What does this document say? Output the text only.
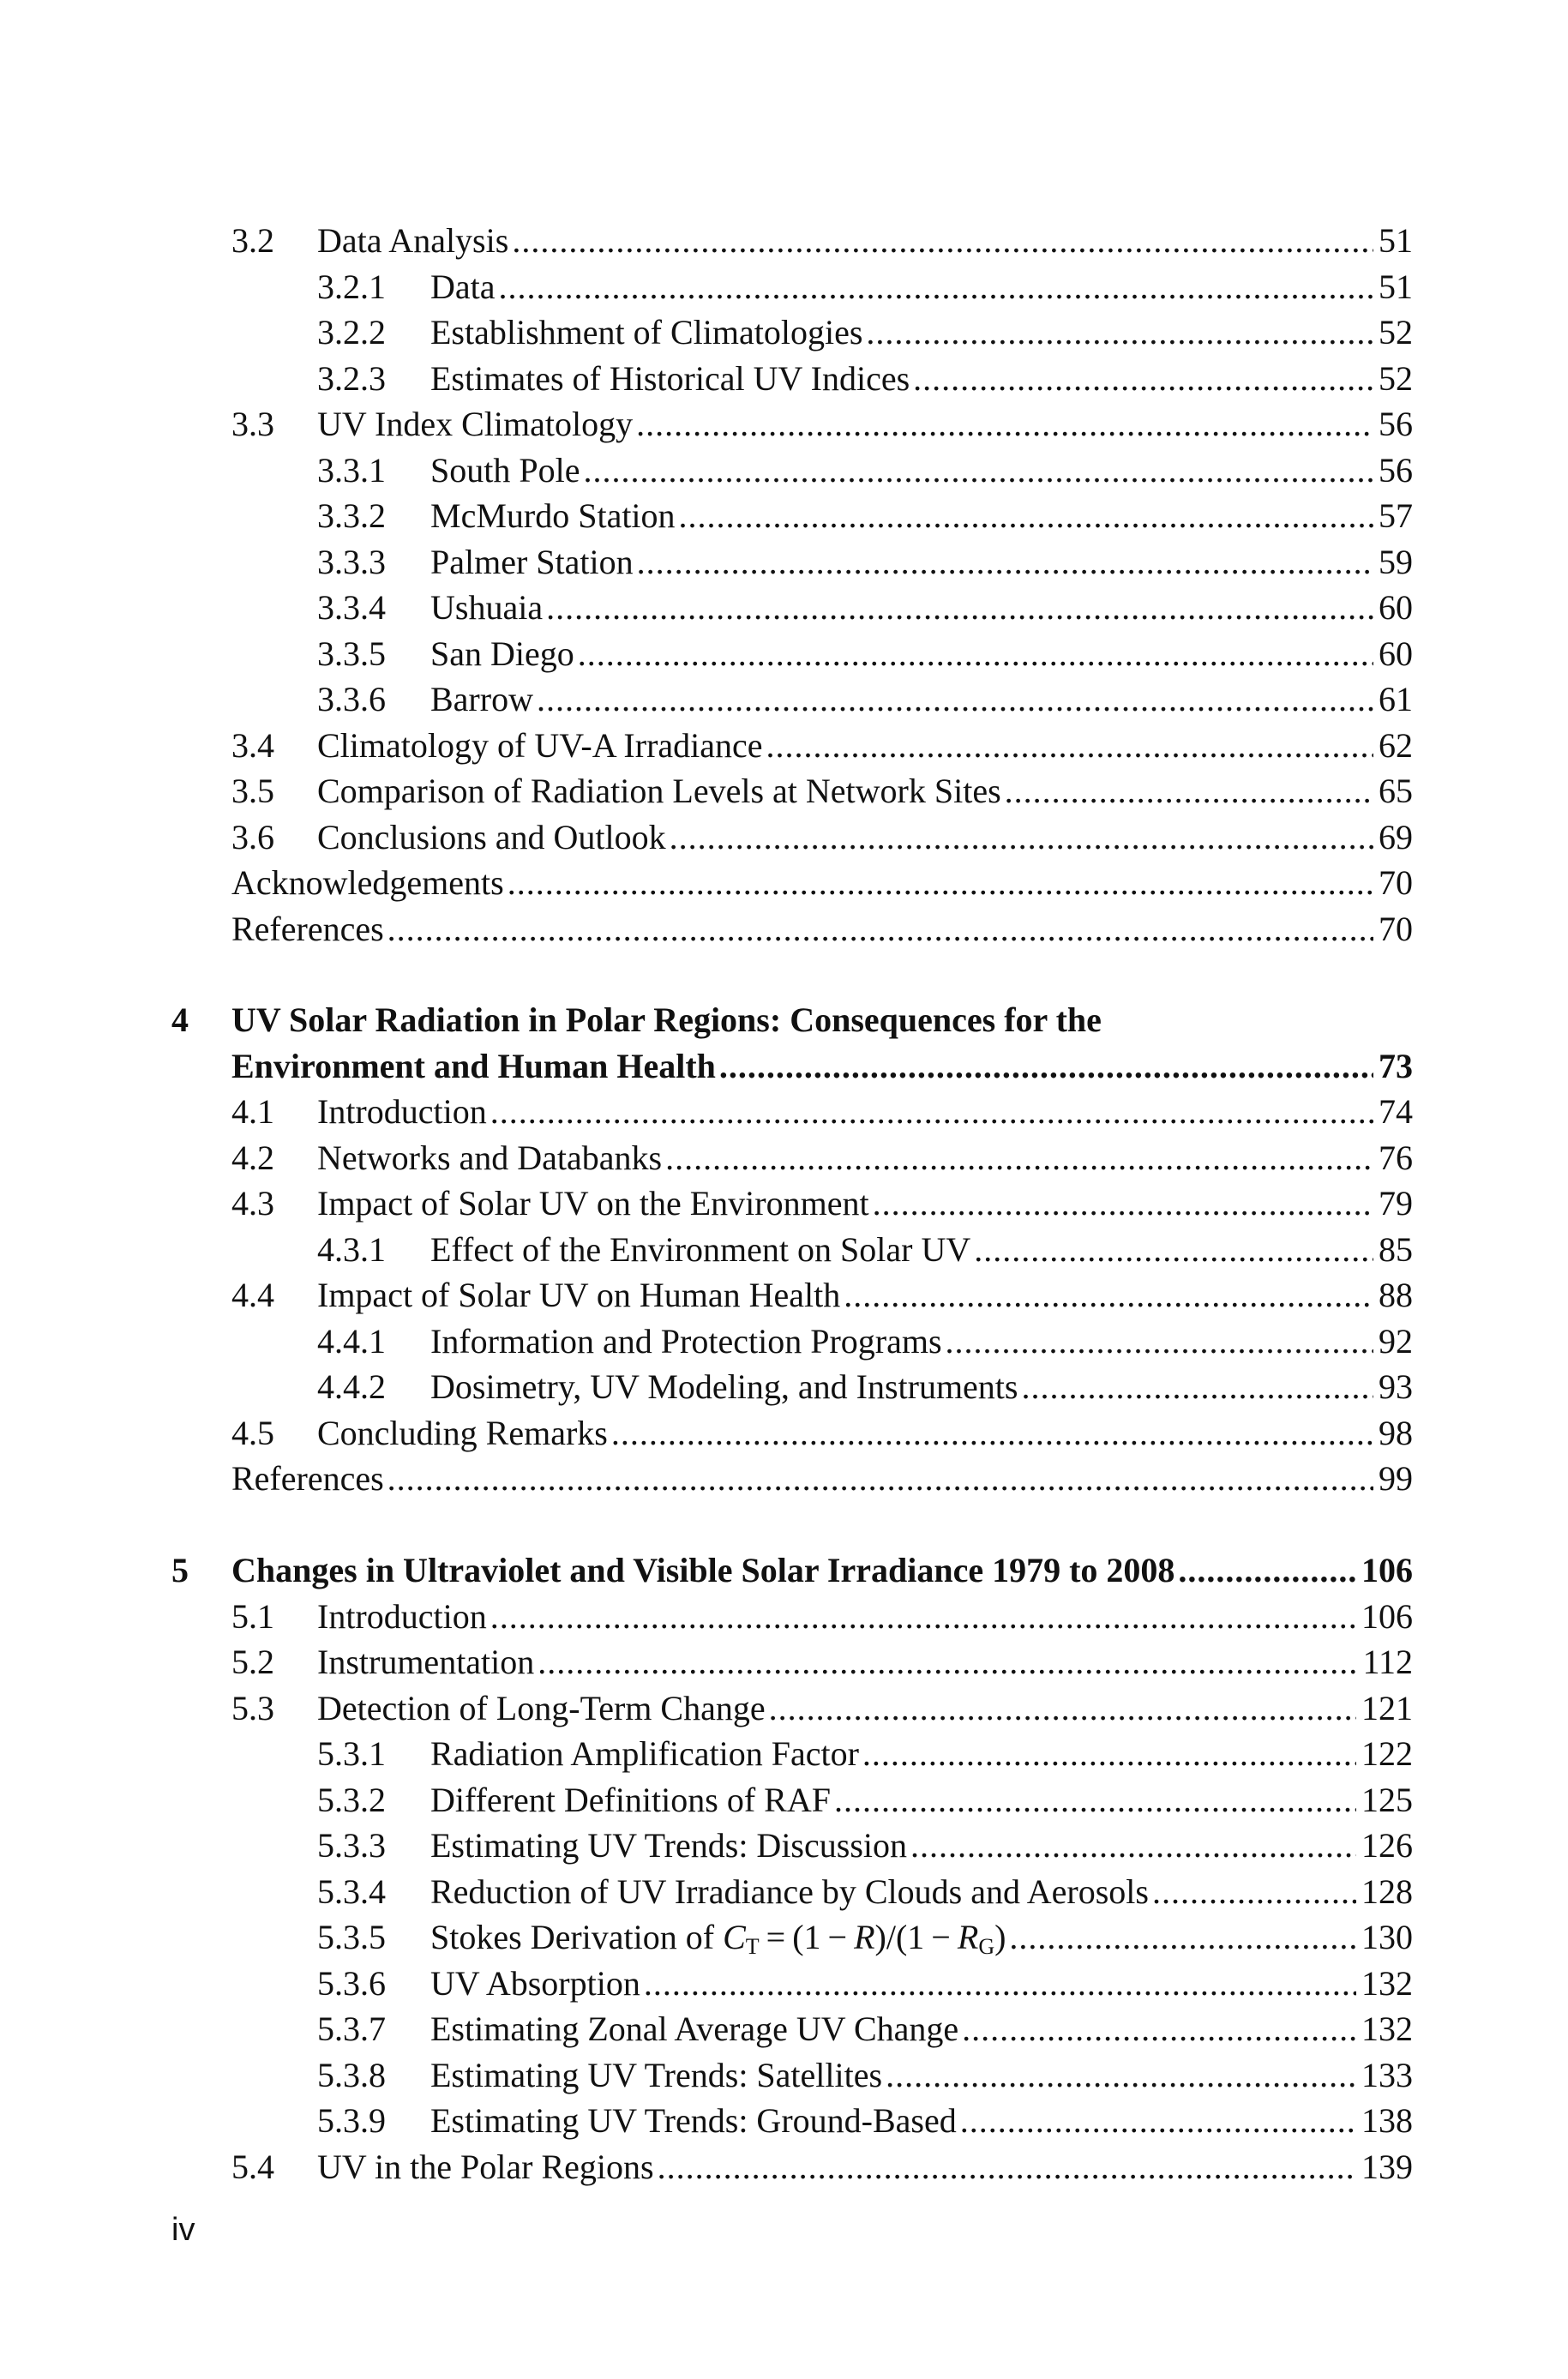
3.2	Data Analysis . . .	51
3.2.1	Data . . .	51
3.2.2	Establishment of Climatologies . . .	52
3.2.3	Estimates of Historical UV Indices . . .	52
3.3	UV Index Climatology . . .	56
3.3.1	South Pole . . .	56
3.3.2	McMurdo Station . . .	57
3.3.3	Palmer Station . . .	59
3.3.4	Ushuaia . . .	60
3.3.5	San Diego . . .	60
3.3.6	Barrow . . .	61
3.4	Climatology of UV-A Irradiance . . .	62
3.5	Comparison of Radiation Levels at Network Sites . . .	65
3.6	Conclusions and Outlook . . .	69
Acknowledgements . . .	70
References . . .	70
4 UV Solar Radiation in Polar Regions: Consequences for the
Environment and Human Health . . .	73
4.1	Introduction . . .	74
4.2	Networks and Databanks . . .	76
4.3	Impact of Solar UV on the Environment . . .	79
4.3.1	Effect of the Environment on Solar UV . . .	85
4.4	Impact of Solar UV on Human Health . . .	88
4.4.1	Information and Protection Programs . . .	92
4.4.2	Dosimetry, UV Modeling, and Instruments . . .	93
4.5	Concluding Remarks . . .	98
References . . .	99
5 Changes in Ultraviolet and Visible Solar Irradiance 1979 to 2008 . . .	106
5.1	Introduction . . .	106
5.2	Instrumentation . . .	112
5.3	Detection of Long-Term Change . . .	121
5.3.1	Radiation Amplification Factor . . .	122
5.3.2	Different Definitions of RAF . . .	125
5.3.3	Estimating UV Trends: Discussion . . .	126
5.3.4	Reduction of UV Irradiance by Clouds and Aerosols . . .	128
5.3.5	Stokes Derivation of $C_T = (1 - R)/(1 - R_G)$ . . .	130
5.3.6	UV Absorption . . .	132
5.3.7	Estimating Zonal Average UV Change . . .	132
5.3.8	Estimating UV Trends: Satellites . . .	133
5.3.9	Estimating UV Trends: Ground-Based . . .	138
5.4	UV in the Polar Regions . . .	139
iv
